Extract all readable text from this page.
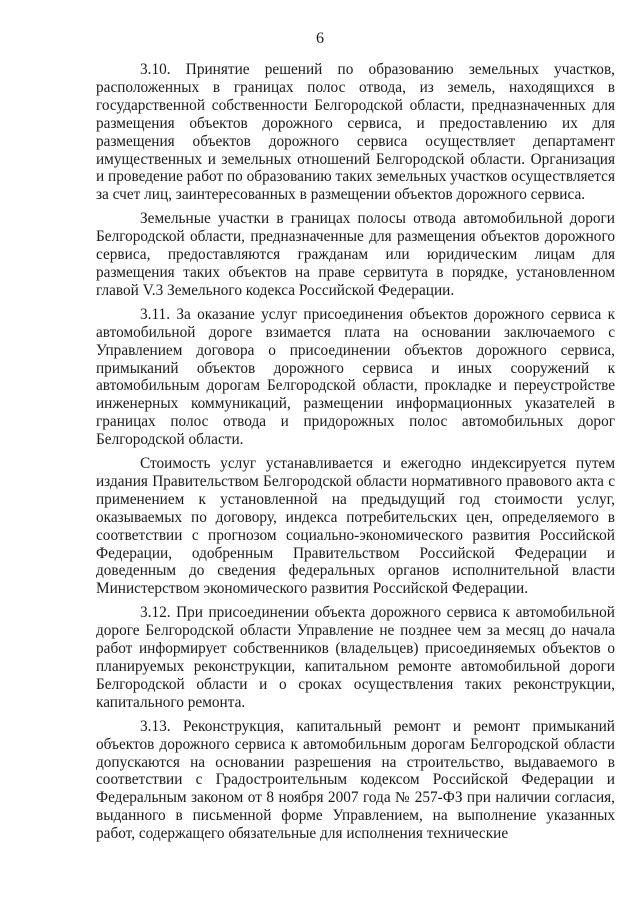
6

3.10. Принятие решений по образованию земельных участков, расположенных в границах полос отвода, из земель, находящихся в государственной собственности Белгородской области, предназначенных для размещения объектов дорожного сервиса, и предоставлению их для размещения объектов дорожного сервиса осуществляет департамент имущественных и земельных отношений Белгородской области. Организация и проведение работ по образованию таких земельных участков осуществляется за счет лиц, заинтересованных в размещении объектов дорожного сервиса.

Земельные участки в границах полосы отвода автомобильной дороги Белгородской области, предназначенные для размещения объектов дорожного сервиса, предоставляются гражданам или юридическим лицам для размещения таких объектов на праве сервитута в порядке, установленном главой V.3 Земельного кодекса Российской Федерации.

3.11. За оказание услуг присоединения объектов дорожного сервиса к автомобильной дороге взимается плата на основании заключаемого с Управлением договора о присоединении объектов дорожного сервиса, примыканий объектов дорожного сервиса и иных сооружений к автомобильным дорогам Белгородской области, прокладке и переустройстве инженерных коммуникаций, размещении информационных указателей в границах полос отвода и придорожных полос автомобильных дорог Белгородской области.

Стоимость услуг устанавливается и ежегодно индексируется путем издания Правительством Белгородской области нормативного правового акта с применением к установленной на предыдущий год стоимости услуг, оказываемых по договору, индекса потребительских цен, определяемого в соответствии с прогнозом социально-экономического развития Российской Федерации, одобренным Правительством Российской Федерации и доведенным до сведения федеральных органов исполнительной власти Министерством экономического развития Российской Федерации.

3.12. При присоединении объекта дорожного сервиса к автомобильной дороге Белгородской области Управление не позднее чем за месяц до начала работ информирует собственников (владельцев) присоединяемых объектов о планируемых реконструкции, капитальном ремонте автомобильной дороги Белгородской области и о сроках осуществления таких реконструкции, капитального ремонта.

3.13. Реконструкция, капитальный ремонт и ремонт примыканий объектов дорожного сервиса к автомобильным дорогам Белгородской области допускаются на основании разрешения на строительство, выдаваемого в соответствии с Градостроительным кодексом Российской Федерации и Федеральным законом от 8 ноября 2007 года № 257-ФЗ при наличии согласия, выданного в письменной форме Управлением, на выполнение указанных работ, содержащего обязательные для исполнения технические
